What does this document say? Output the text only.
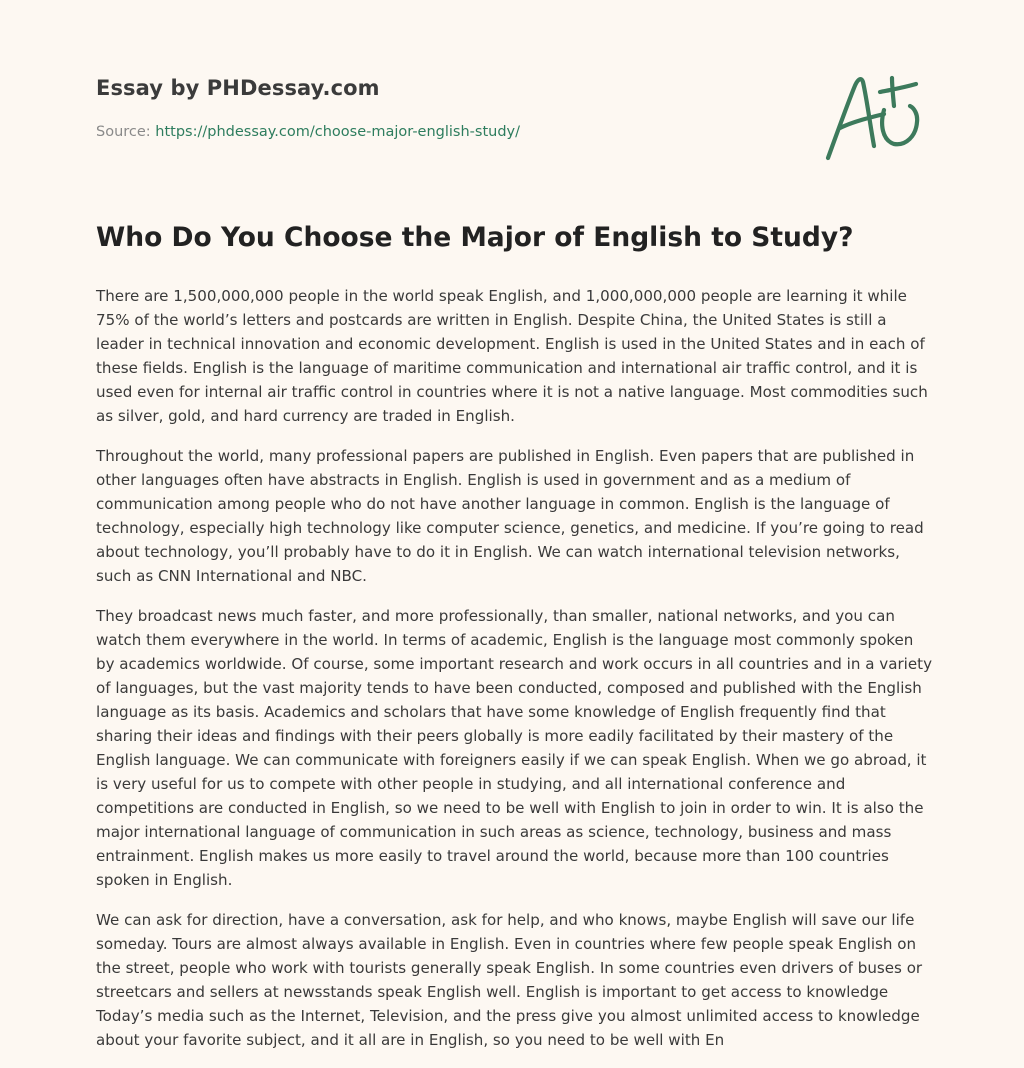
Essay by PHDessay.com
Source: https://phdessay.com/choose-major-english-study/
Who Do You Choose the Major of English to Study?

There are 1,500,000,000 people in the world speak English, and 1,000,000,000 people are learning it while 75% of the world’s letters and postcards are written in English. Despite China, the United States is still a leader in technical innovation and economic development. English is used in the United States and in each of these fields. English is the language of maritime communication and international air traffic control, and it is used even for internal air traffic control in countries where it is not a native language. Most commodities such as silver, gold, and hard currency are traded in English.

Throughout the world, many professional papers are published in English. Even papers that are published in other languages often have abstracts in English. English is used in government and as a medium of communication among people who do not have another language in common. English is the language of technology, especially high technology like computer science, genetics, and medicine. If you’re going to read about technology, you’ll probably have to do it in English. We can watch international television networks, such as CNN International and NBC.

They broadcast news much faster, and more professionally, than smaller, national networks, and you can watch them everywhere in the world. In terms of academic, English is the language most commonly spoken by academics worldwide. Of course, some important research and work occurs in all countries and in a variety of languages, but the vast majority tends to have been conducted, composed and published with the English language as its basis. Academics and scholars that have some knowledge of English frequently find that sharing their ideas and findings with their peers globally is more eadily facilitated by their mastery of the English language. We can communicate with foreigners easily if we can speak English. When we go abroad, it is very useful for us to compete with other people in studying, and all international conference and competitions are conducted in English, so we need to be well with English to join in order to win. It is also the major international language of communication in such areas as science, technology, business and mass entrainment. English makes us more easily to travel around the world, because more than 100 countries spoken in English.

We can ask for direction, have a conversation, ask for help, and who knows, maybe English will save our life someday. Tours are almost always available in English. Even in countries where few people speak English on the street, people who work with tourists generally speak English. In some countries even drivers of buses or streetcars and sellers at newsstands speak English well. English is important to get access to knowledge Today’s media such as the Internet, Television, and the press give you almost unlimited access to knowledge about your favorite subject, and it all are in English, so you need to be well with En
